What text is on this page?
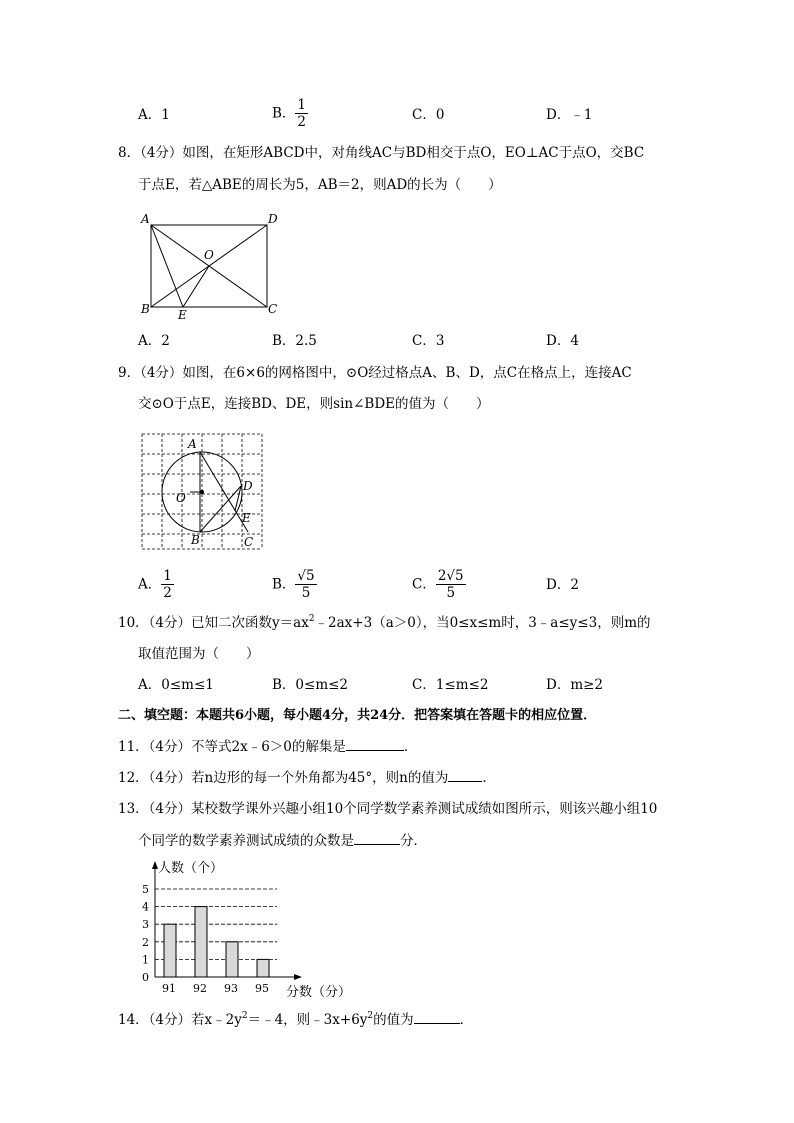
A．1	B． $\frac{1}{2}$	C．0	D．﹣1
8．（4分）如图，在矩形ABCD中，对角线AC与BD相交于点O，EO⊥AC于点O，交BC
于点E，若△ABE的周长为5，AB＝2，则AD的长为（　　）
A	D
O
B E	C
A．2	B．2.5	C．3	D．4
9．（4分）如图，在6×6的网格图中，⊙O经过格点A、B、D，点C在格点上，连接AC
交⊙O于点E，连接BD、DE，则sin∠BDE的值为（　　）
A
O
D
E
B	C
A． $\frac{1}{2}$	B． $\frac{√5}{5}$	C． $\frac{2√5}{5}$	D．2
10．（4分）已知二次函数$y=ax^2﹣2ax+3(a>0)$，当0≤x≤m时，3﹣a≤y≤3，则m的
取值范围为（　　）
A．0≤m≤1	B．0≤m≤2	C．1≤m≤2	D．m≥2
二、填空题：本题共6小题，每小题4分，共24分．把答案填在答题卡的相应位置．
11．（4分）不等式2x﹣6＞0的解集是	．
12．（4分）若n边形的每一个外角都为45°，则n的值为	．
13．（4分）某校数学课外兴趣小组10个同学数学素养测试成绩如图所示，则该兴趣小组10
个同学的数学素养测试成绩的众数是	分．
人数（个）
分数（分）
0
1
2
3
4
5
91 92 93 95
14．（4分）若$x﹣2y^2=﹣4$，则$﹣3x+6y^2$的值为	．
